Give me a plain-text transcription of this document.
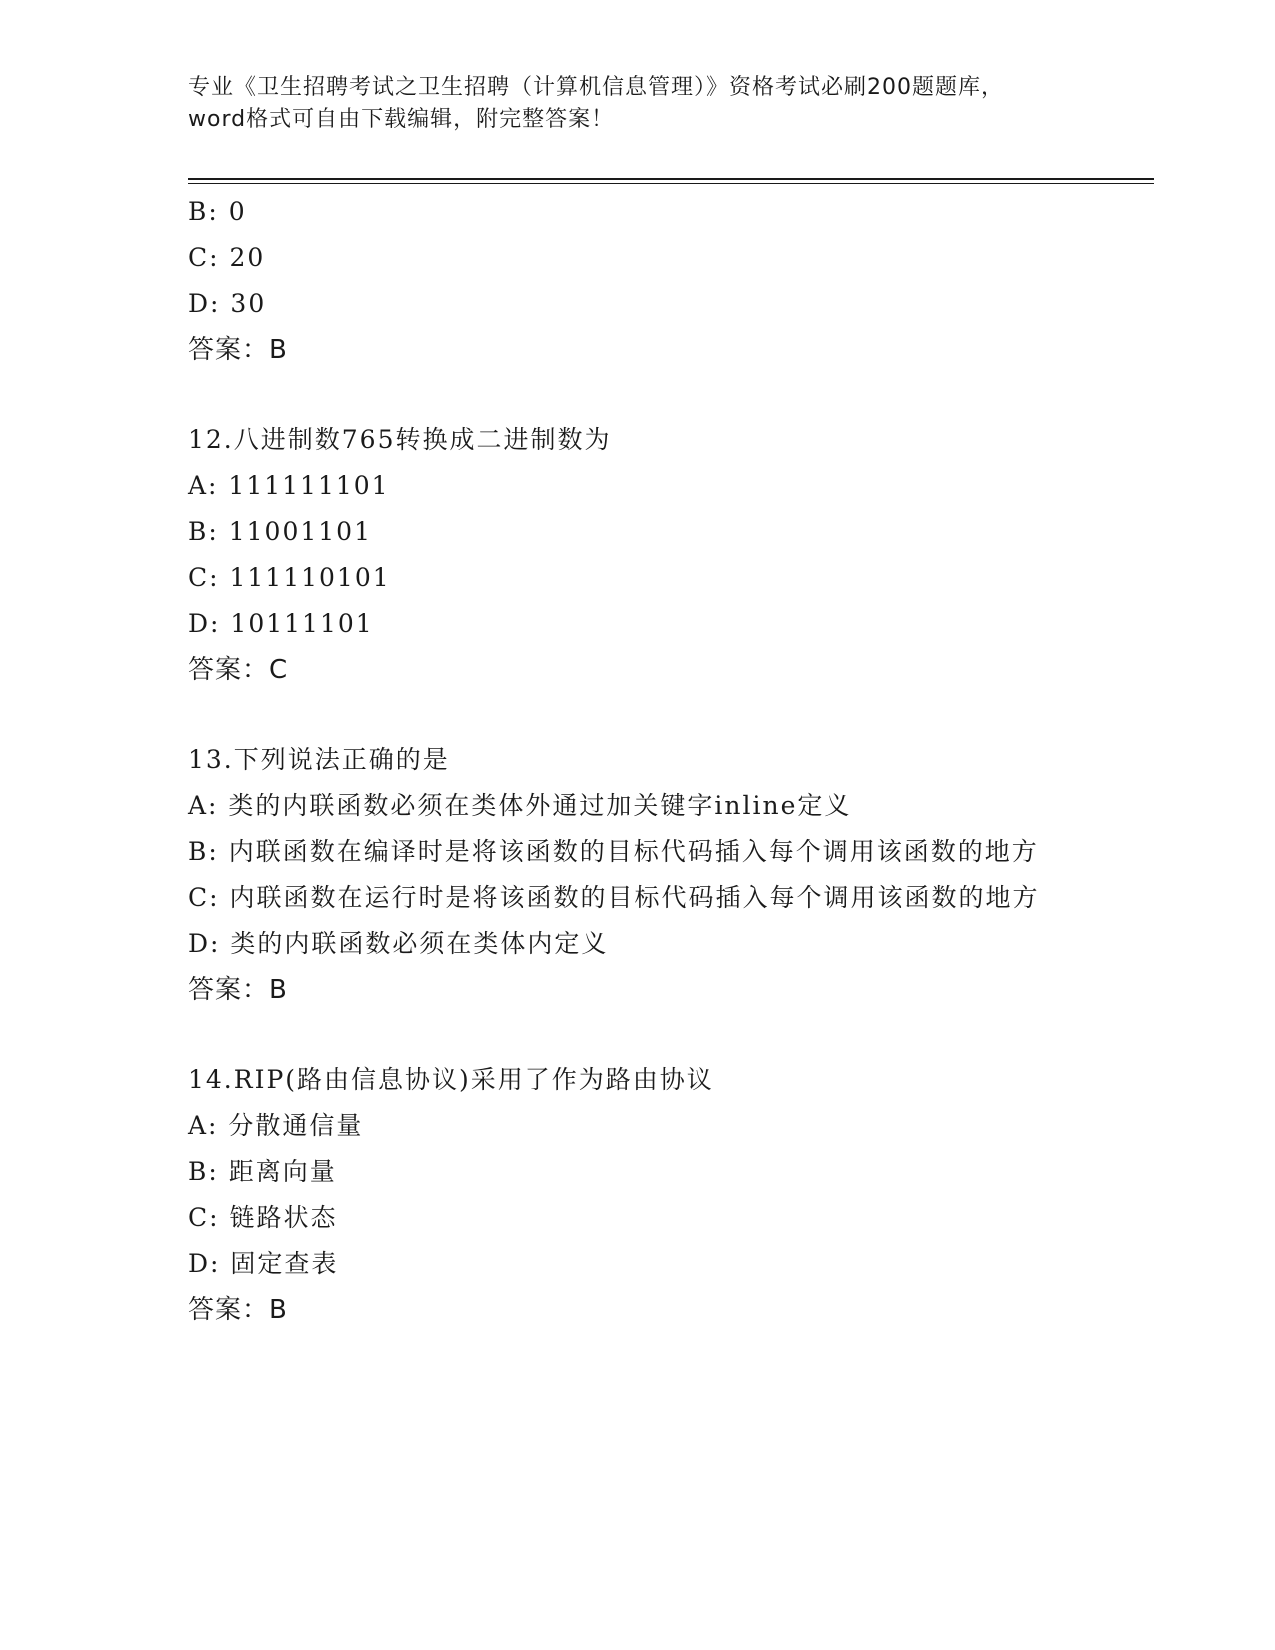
专业《卫生招聘考试之卫生招聘（计算机信息管理）》资格考试必刷200题题库，
word格式可自由下载编辑，附完整答案！
B: 0
C: 20
D: 30
答案：B
12.八进制数765转换成二进制数为
A: 111111101
B: 11001101
C: 111110101
D: 10111101
答案：C
13.下列说法正确的是
A: 类的内联函数必须在类体外通过加关键字inline定义
B: 内联函数在编译时是将该函数的目标代码插入每个调用该函数的地方
C: 内联函数在运行时是将该函数的目标代码插入每个调用该函数的地方
D: 类的内联函数必须在类体内定义
答案：B
14.RIP(路由信息协议)采用了作为路由协议
A: 分散通信量
B: 距离向量
C: 链路状态
D: 固定查表
答案：B
